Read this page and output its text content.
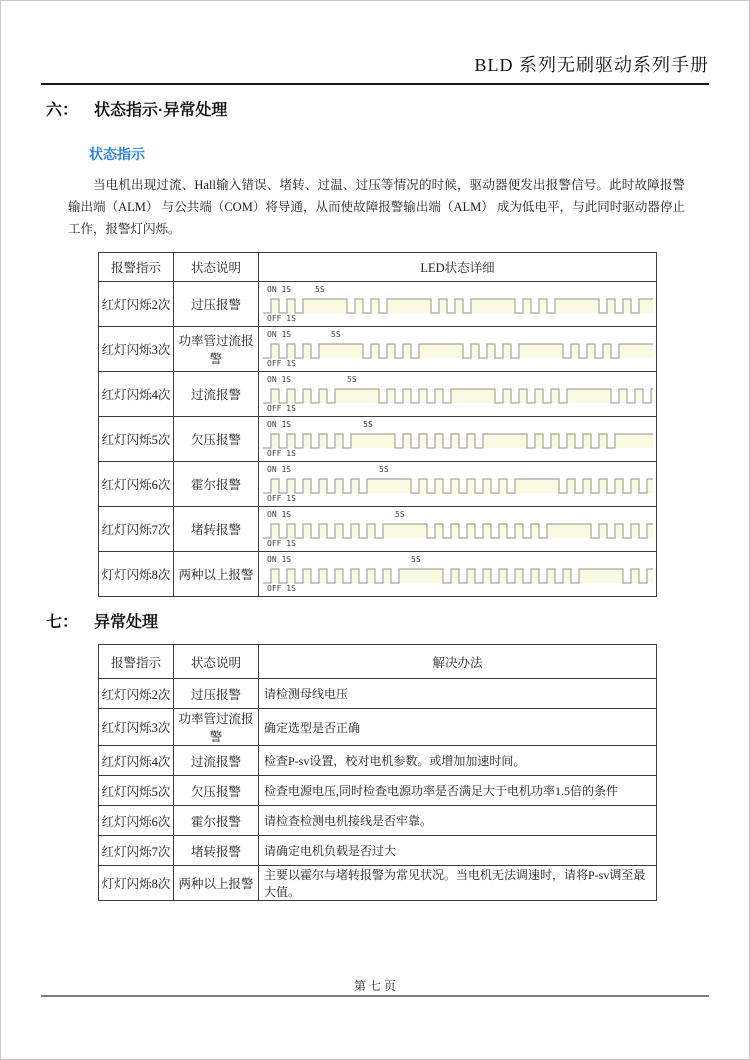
BLD 系列无刷驱动系列手册
六： 状态指示·异常处理
状态指示

当电机出现过流、Hall输入错误、堵转、过温、过压等情况的时候，驱动器便发出报警信号。此时故障报警输出端（ALM） 与公共端（COM）将导通，从而使故障报警输出端（ALM） 成为低电平，与此同时驱动器停止工作，报警灯闪烁。

报警指示	状态说明	LED状态详细
红灯闪烁2次	过压报警	ON 1S 5S
OFF 1S

红灯闪烁3次	功率管过流报警	ON 1S 5S
OFF 1S

红灯闪烁4次	过流报警	ON 1S 5S
OFF 1S

红灯闪烁5次	欠压报警	ON 1S 5S
OFF 1S

红灯闪烁6次	霍尔报警	ON 1S 5S
OFF 1S

红灯闪烁7次	堵转报警	ON 1S 5S
OFF 1S

灯灯闪烁8次	两种以上报警	ON 1S 5S
OFF 1S
七： 异常处理
报警指示	状态说明	解决办法
红灯闪烁2次	过压报警	请检测母线电压
红灯闪烁3次	功率管过流报警	确定选型是否正确
红灯闪烁4次	过流报警	检查P-sv设置，校对电机参数。或增加加速时间。
红灯闪烁5次	欠压报警	检查电源电压,同时检查电源功率是否满足大于电机功率1.5倍的条件
红灯闪烁6次	霍尔报警	请检查检测电机接线是否牢靠。
红灯闪烁7次	堵转报警	请确定电机负载是否过大
灯灯闪烁8次	两种以上报警	主要以霍尔与堵转报警为常见状况。当电机无法调速时，请将P-sv调至最大值。
第 七 页
